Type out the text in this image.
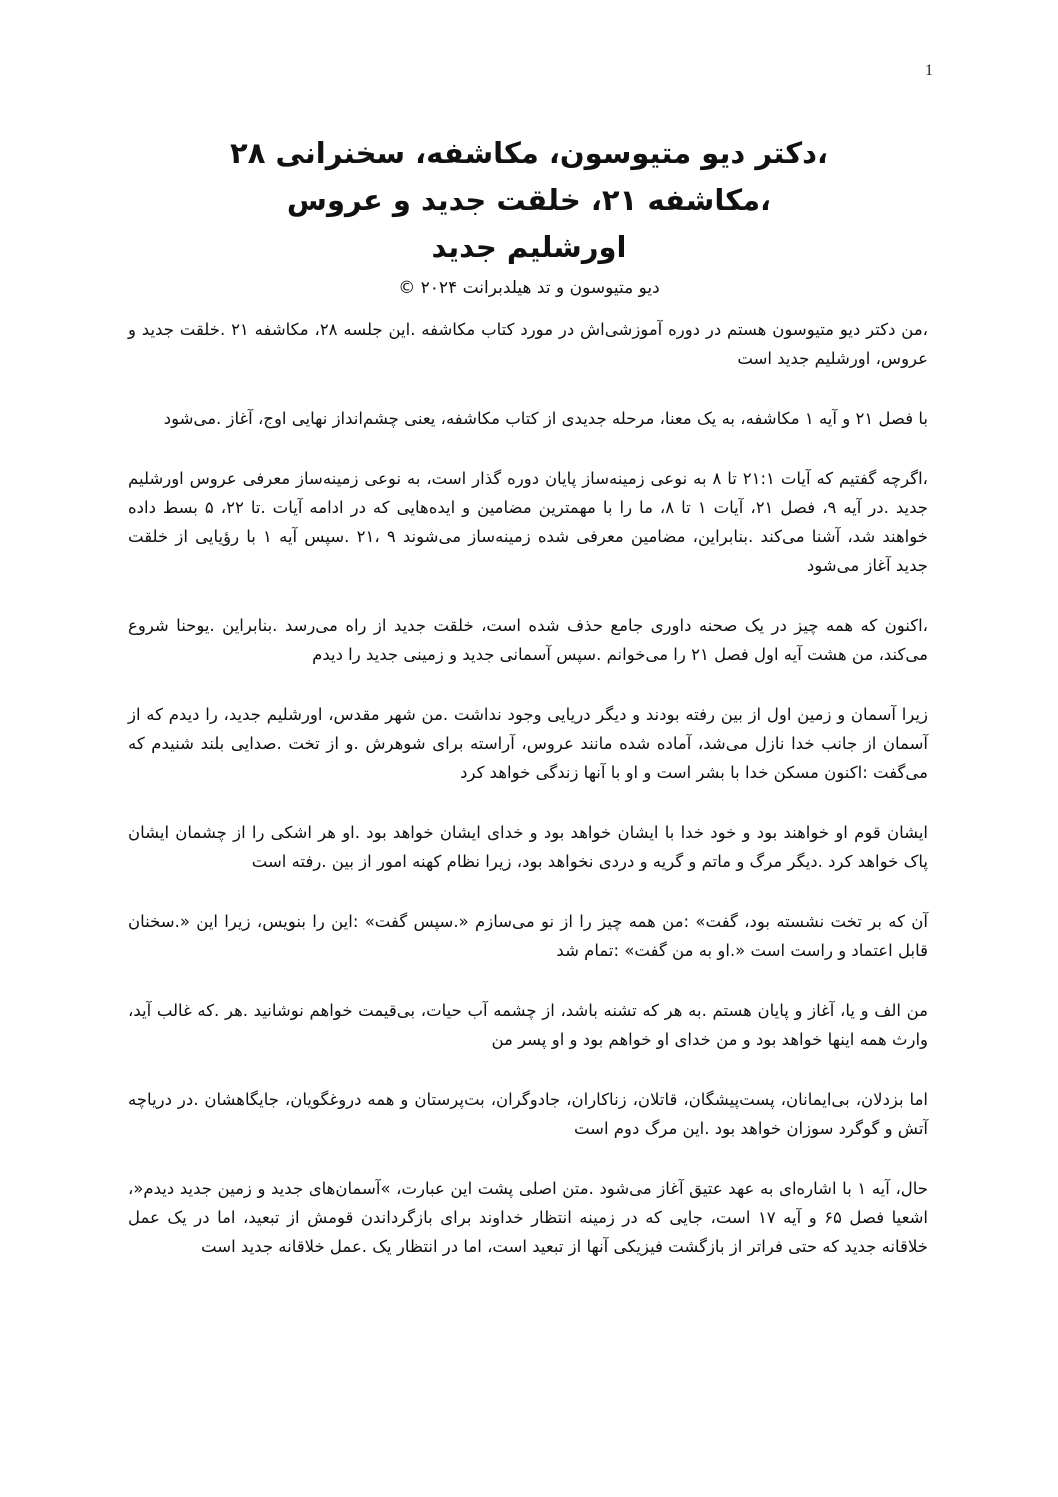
1
،دکتر دیو متیوسون، مکاشفه، سخنرانی ۲۸
،مکاشفه ۲۱، خلقت جدید و عروس
اورشلیم جدید
دیو متیوسون و تد هیلدبرانت ۲۰۲۴ ©

،من دکتر دیو متیوسون هستم در دوره آموزشی‌اش در مورد کتاب مکاشفه .این جلسه ۲۸، مکاشفه ۲۱ .خلقت جدید و عروس، اورشلیم جدید است

با فصل ۲۱ و آیه ۱ مکاشفه، به یک معنا، مرحله جدیدی از کتاب مکاشفه، یعنی چشم‌انداز نهایی اوج، آغاز .می‌شود

،اگرچه گفتیم که آیات ۲۱:۱ تا ۸ به نوعی زمینه‌ساز پایان دوره گذار است، به نوعی زمینه‌ساز معرفی عروس اورشلیم جدید .در آیه ۹، فصل ۲۱، آیات ۱ تا ۸، ما را با مهمترین مضامین و ایده‌هایی که در ادامه آیات .تا ۲۲، ۵ بسط داده خواهند شد، آشنا می‌کند .بنابراین، مضامین معرفی شده زمینه‌ساز می‌شوند ۹ ،۲۱ .سپس آیه ۱ با رؤیایی از خلقت جدید آغاز می‌شود

،اکنون که همه چیز در یک صحنه داوری جامع حذف شده است، خلقت جدید از راه می‌رسد .بنابراین .یوحنا شروع می‌کند، من هشت آیه اول فصل ۲۱ را می‌خوانم .سپس آسمانی جدید و زمینی جدید را دیدم

زیرا آسمان و زمین اول از بین رفته بودند و دیگر دریایی وجود نداشت .من شهر مقدس، اورشلیم جدید، را دیدم که از آسمان از جانب خدا نازل می‌شد، آماده شده مانند عروس، آراسته برای شوهرش .و از تخت .صدایی بلند شنیدم که می‌گفت :اکنون مسکن خدا با بشر است و او با آنها زندگی خواهد کرد

ایشان قوم او خواهند بود و خود خدا با ایشان خواهد بود و خدای ایشان خواهد بود .او هر اشکی را از چشمان ایشان پاک خواهد کرد .دیگر مرگ و ماتم و گریه و دردی نخواهد بود، زیرا نظام کهنه امور از بین .رفته است

آن که بر تخت نشسته بود، گفت» :من همه چیز را از نو می‌سازم «.سپس گفت» :این را بنویس، زیرا این «.سخنان قابل اعتماد و راست است «.او به من گفت» :تمام شد

من الف و یا، آغاز و پایان هستم .به هر که تشنه باشد، از چشمه آب حیات، بی‌قیمت خواهم نوشانید .هر .که غالب آید، وارث همه اینها خواهد بود و من خدای او خواهم بود و او پسر من

اما بزدلان، بی‌ایمانان، پست‌پیشگان، قاتلان، زناکاران، جادوگران، بت‌پرستان و همه دروغگویان، جایگاهشان .در دریاچه آتش و گوگرد سوزان خواهد بود .این مرگ دوم است

حال، آیه ۱ با اشاره‌ای به عهد عتیق آغاز می‌شود .متن اصلی پشت این عبارت، »آسمان‌های جدید و زمین جدید دیدم«، اشعیا فصل ۶۵ و آیه ۱۷ است، جایی که در زمینه انتظار خداوند برای بازگرداندن قومش از تبعید، اما در یک عمل خلاقانه جدید که حتی فراتر از بازگشت فیزیکی آنها از تبعید است، اما در انتظار یک .عمل خلاقانه جدید است
